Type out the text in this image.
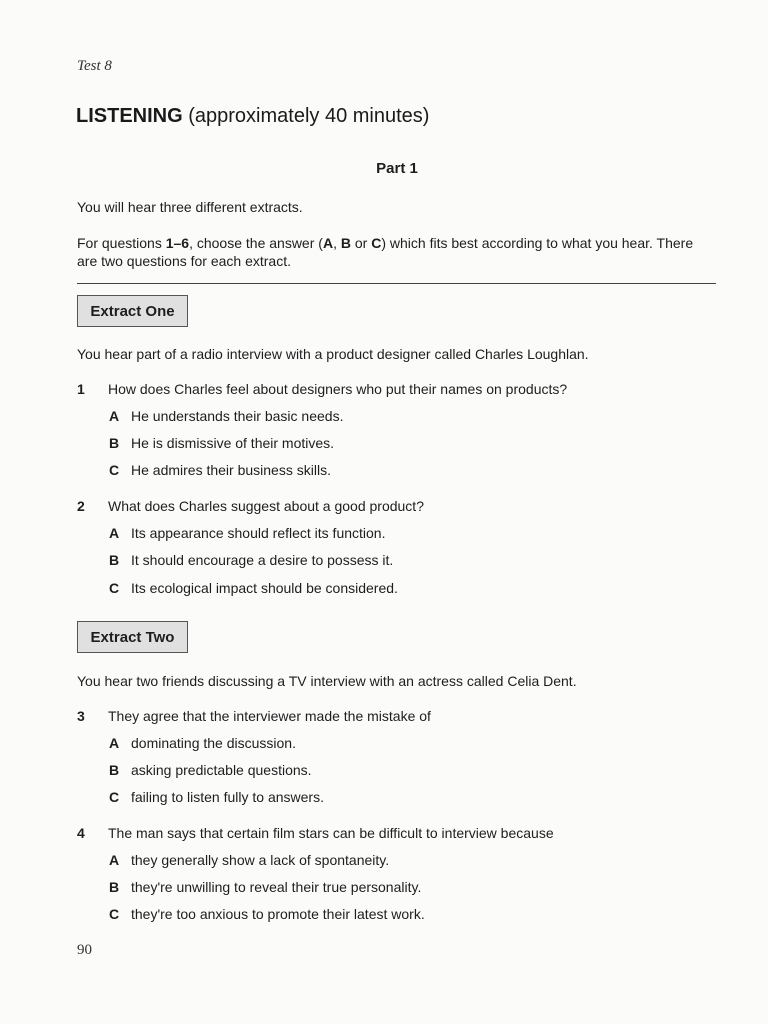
Test 8
LISTENING (approximately 40 minutes)
Part 1
You will hear three different extracts.
For questions 1–6, choose the answer (A, B or C) which fits best according to what you hear. There
are two questions for each extract.
Extract One
You hear part of a radio interview with a product designer called Charles Loughlan.
1 How does Charles feel about designers who put their names on products?
A He understands their basic needs.
B He is dismissive of their motives.
C He admires their business skills.
2 What does Charles suggest about a good product?
A Its appearance should reflect its function.
B It should encourage a desire to possess it.
C Its ecological impact should be considered.
Extract Two
You hear two friends discussing a TV interview with an actress called Celia Dent.
3 They agree that the interviewer made the mistake of
A dominating the discussion.
B asking predictable questions.
C failing to listen fully to answers.
4 The man says that certain film stars can be difficult to interview because
A they generally show a lack of spontaneity.
B they're unwilling to reveal their true personality.
C they're too anxious to promote their latest work.
90
